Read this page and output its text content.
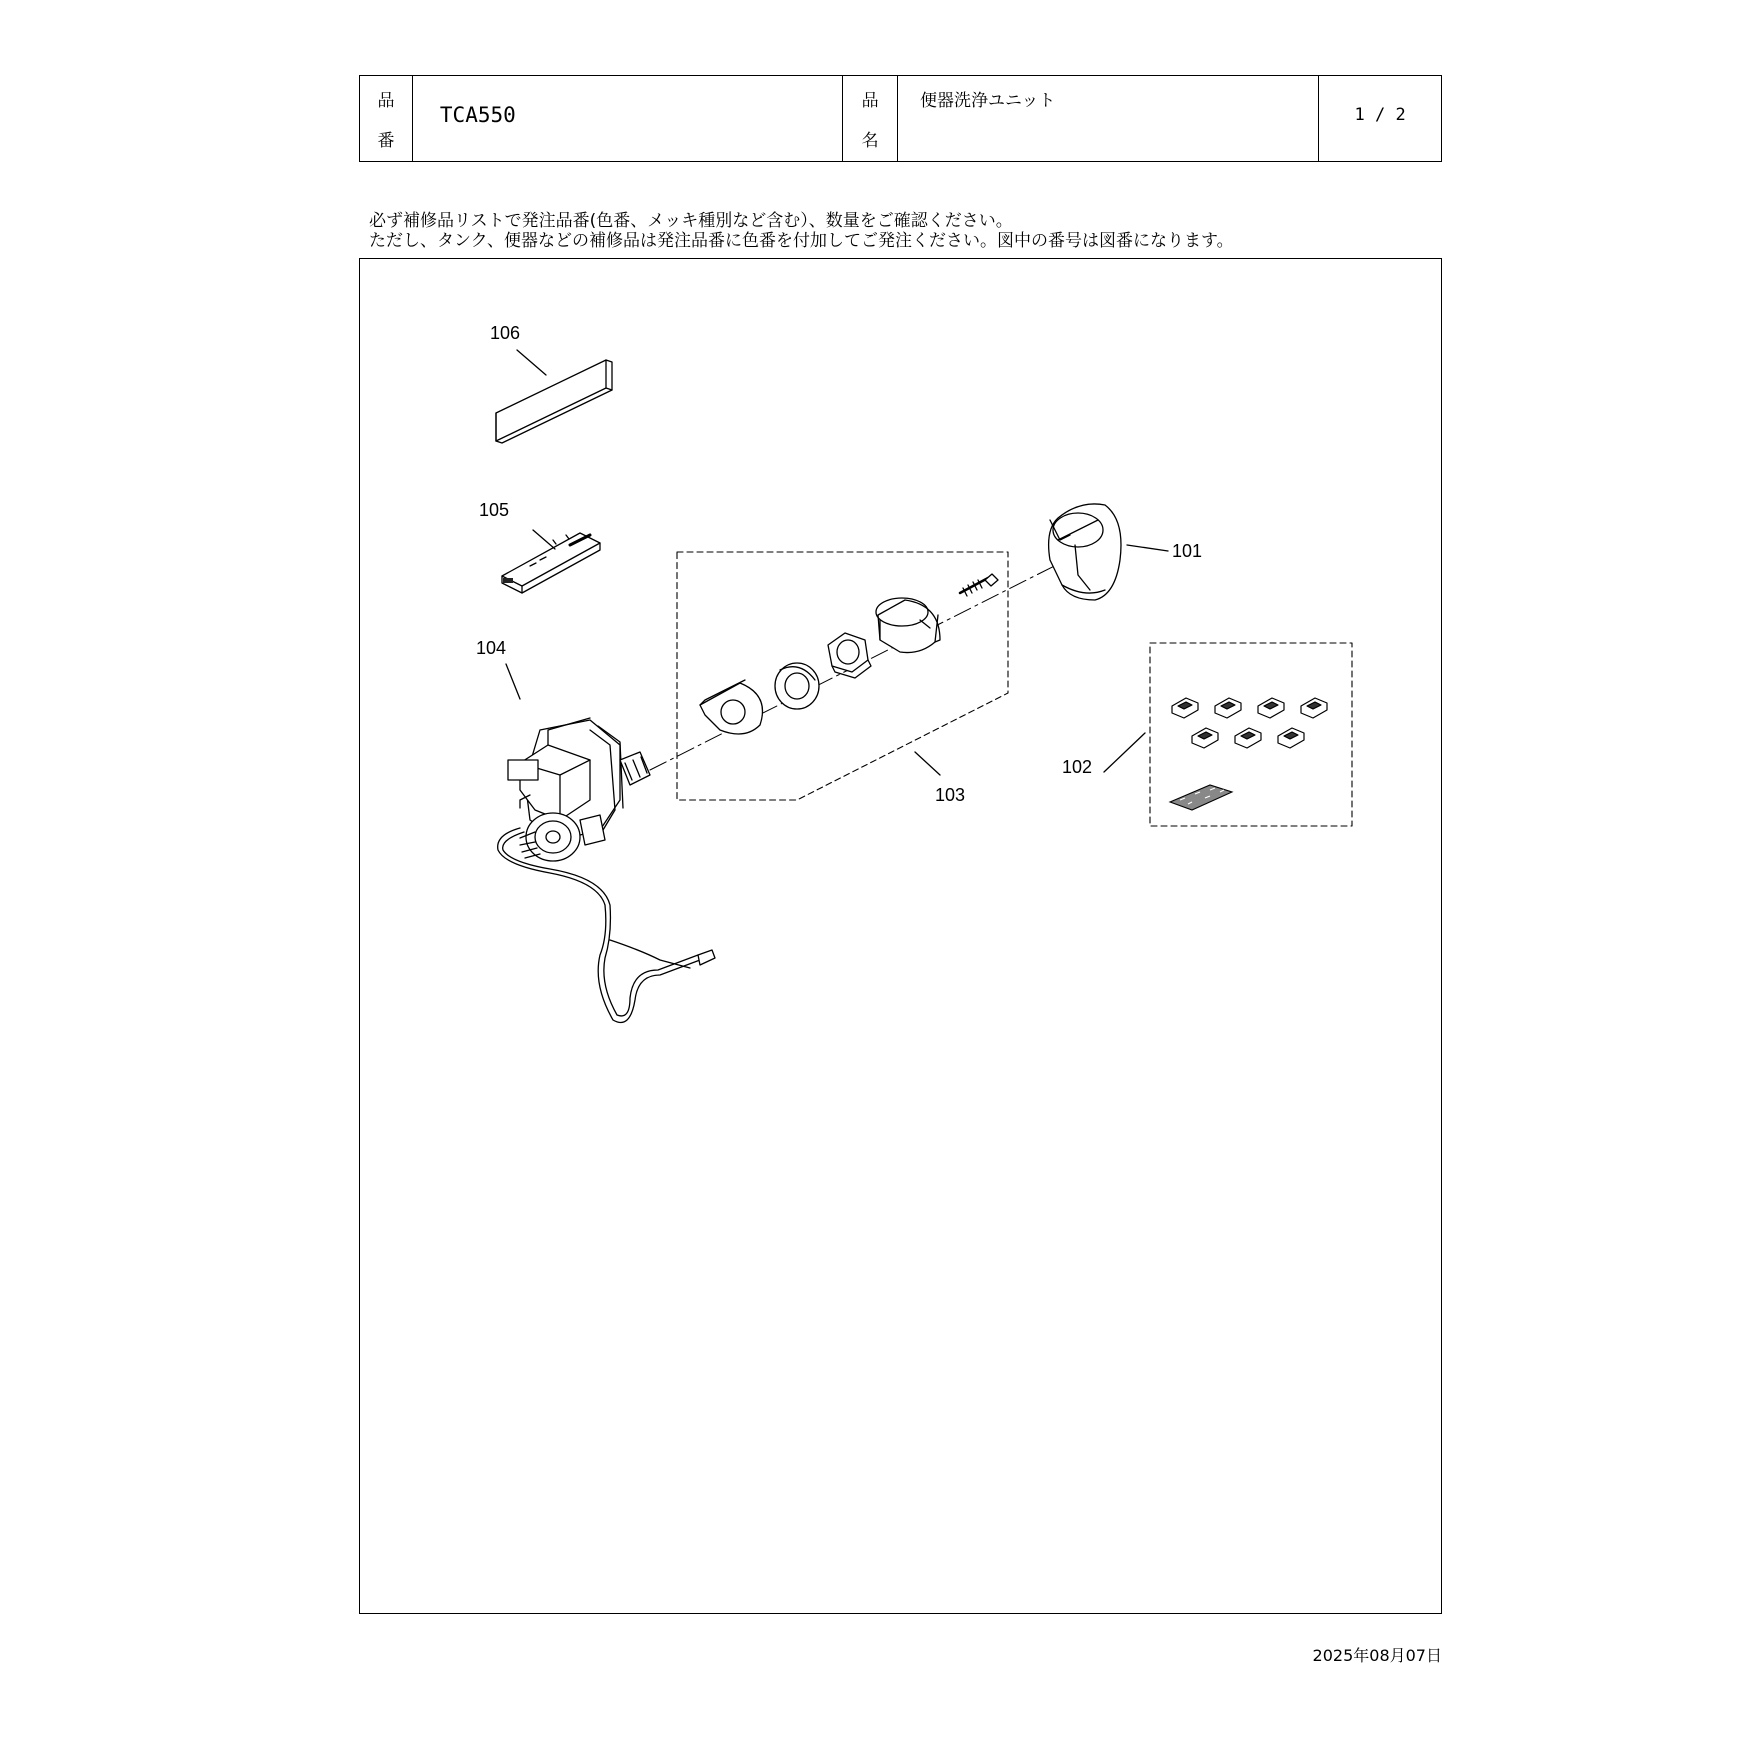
品
番
TCA550
品
名
便器洗浄ユニット
1 / 2
必ず補修品リストで発注品番(色番、メッキ種別など含む）、数量をご確認ください。
ただし、タンク、便器などの補修品は発注品番に色番を付加してご発注ください。図中の番号は図番になります。
106
105
104
103
102
101
2025年08月07日
